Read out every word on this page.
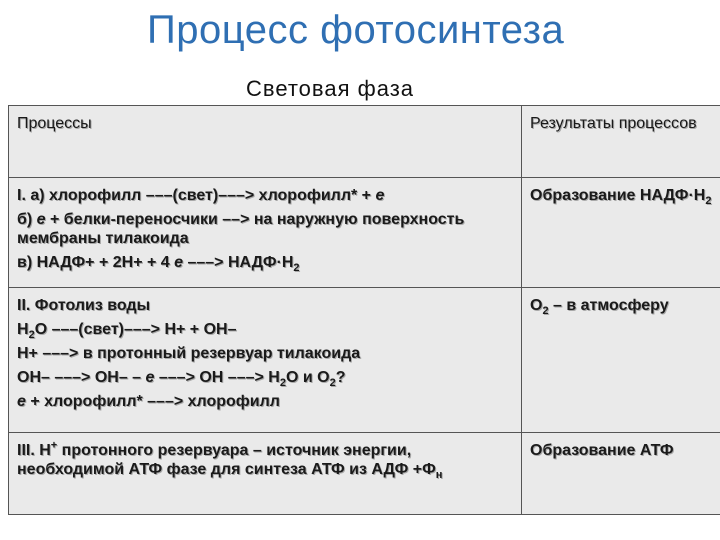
Процесс фотосинтеза
Световая фаза
Процессы	Результаты процессов

I. а) хлорофилл –––(свет)–––> хлорофилл* + е
б) е + белки-переносчики ––> на наружную поверхность мембраны тилакоида
в) НАДФ+ + 2Н+ + 4 е –––> $НАДФ\cdot Н_2$	Образование $НАДФ\cdot Н_2$

II. Фотолиз воды
$Н_2О$ –––(свет)–––> Н+ + ОН–
Н+ –––> в протонный резервуар тилакоида
ОН– –––> ОН– – е –––> ОН –––> $Н_2О$ и $О_2$?
е + хлорофилл* –––> хлорофилл	$О_2$ – в атмосферу
III. Н+ протонного резервуара – источник энергии, необходимой АТФ фазе для синтеза АТФ из АДФ $+Ф_н$	Образование АТФ
